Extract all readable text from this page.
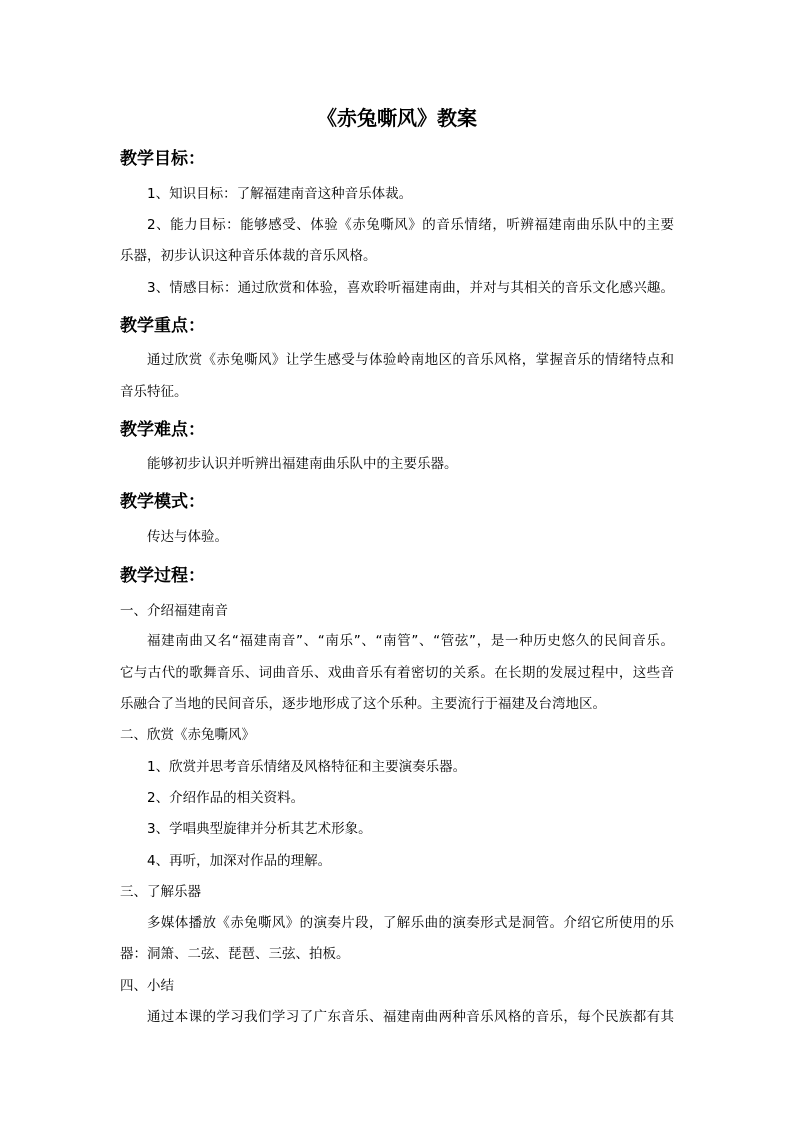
《赤兔嘶风》教案
教学目标：
1、知识目标：了解福建南音这种音乐体裁。
2、能力目标：能够感受、体验《赤兔嘶风》的音乐情绪，听辨福建南曲乐队中的主要
乐器，初步认识这种音乐体裁的音乐风格。
3、情感目标：通过欣赏和体验，喜欢聆听福建南曲，并对与其相关的音乐文化感兴趣。
教学重点：
通过欣赏《赤兔嘶风》让学生感受与体验岭南地区的音乐风格，掌握音乐的情绪特点和
音乐特征。
教学难点：
能够初步认识并听辨出福建南曲乐队中的主要乐器。
教学模式：
传达与体验。
教学过程：
一、介绍福建南音
福建南曲又名“福建南音”、“南乐”、“南管”、“管弦”，是一种历史悠久的民间音乐。
它与古代的歌舞音乐、词曲音乐、戏曲音乐有着密切的关系。在长期的发展过程中，这些音
乐融合了当地的民间音乐，逐步地形成了这个乐种。主要流行于福建及台湾地区。
二、欣赏《赤兔嘶风》
1、欣赏并思考音乐情绪及风格特征和主要演奏乐器。
2、介绍作品的相关资料。
3、学唱典型旋律并分析其艺术形象。
4、再听，加深对作品的理解。
三、了解乐器
多媒体播放《赤兔嘶风》的演奏片段，了解乐曲的演奏形式是洞管。介绍它所使用的乐
器：洞箫、二弦、琵琶、三弦、拍板。
四、小结
通过本课的学习我们学习了广东音乐、福建南曲两种音乐风格的音乐，每个民族都有其
